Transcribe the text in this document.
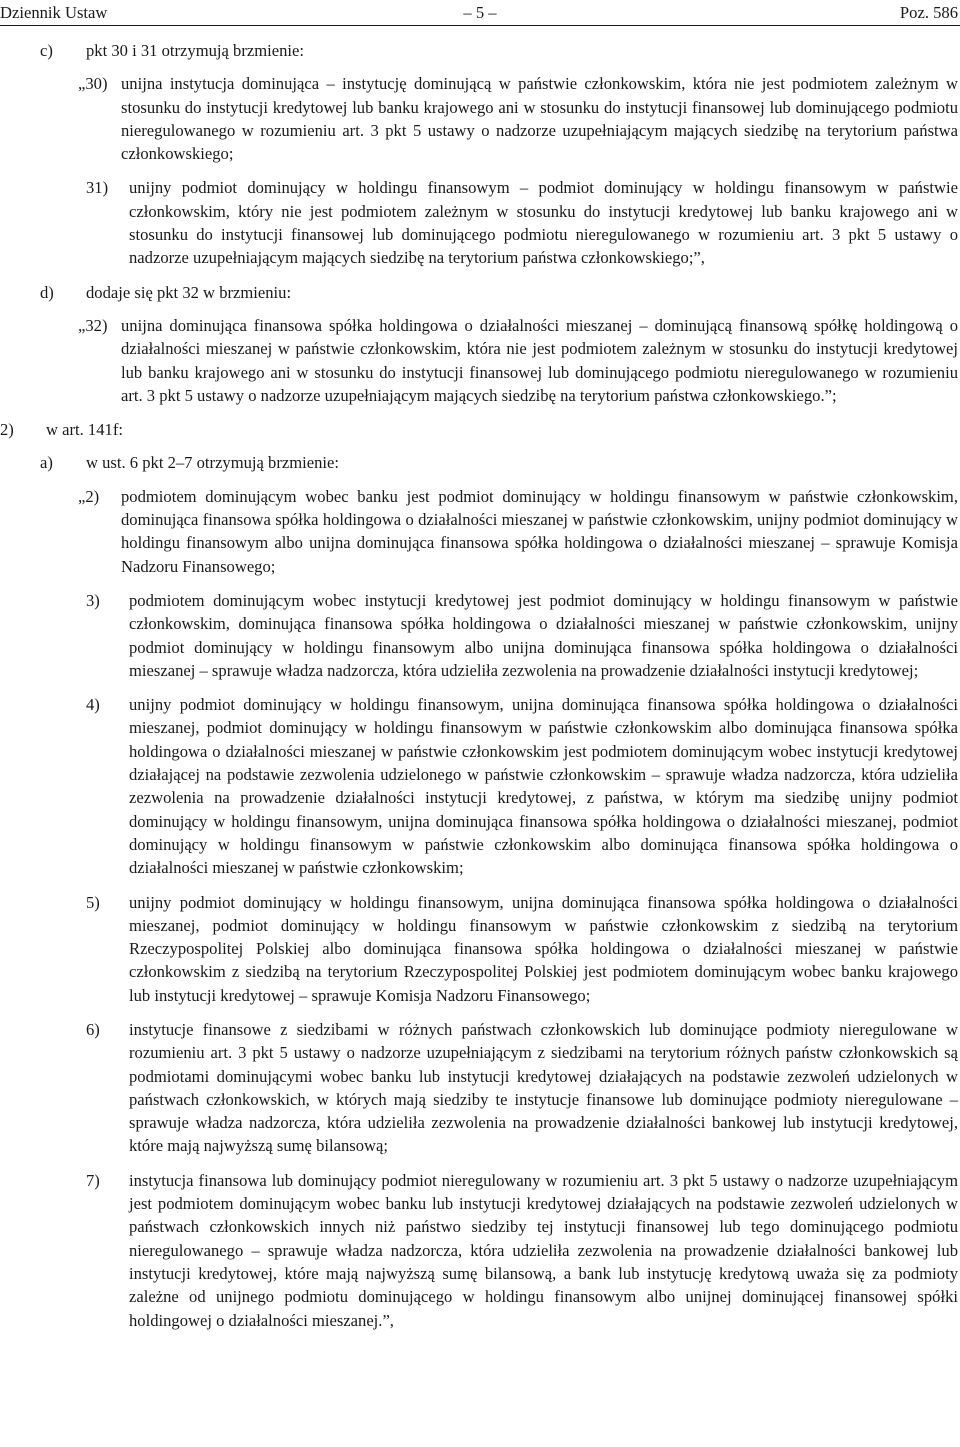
Dziennik Ustaw	– 5 –	Poz. 586
c)	pkt 30 i 31 otrzymują brzmienie:
„30) unijna instytucja dominująca – instytucję dominującą w państwie członkowskim, która nie jest podmiotem zależnym w stosunku do instytucji kredytowej lub banku krajowego ani w stosunku do instytucji finansowej lub dominującego podmiotu nieregulowanego w rozumieniu art. 3 pkt 5 ustawy o nadzorze uzupełniającym mających siedzibę na terytorium państwa członkowskiego;
31)	unijny podmiot dominujący w holdingu finansowym – podmiot dominujący w holdingu finansowym w państwie członkowskim, który nie jest podmiotem zależnym w stosunku do instytucji kredytowej lub banku krajowego ani w stosunku do instytucji finansowej lub dominującego podmiotu nieregulowanego w rozumieniu art. 3 pkt 5 ustawy o nadzorze uzupełniającym mających siedzibę na terytorium państwa członkowskiego;”,
d)	dodaje się pkt 32 w brzmieniu:
„32) unijna dominująca finansowa spółka holdingowa o działalności mieszanej – dominującą finansową spółkę holdingową o działalności mieszanej w państwie członkowskim, która nie jest podmiotem zależnym w stosunku do instytucji kredytowej lub banku krajowego ani w stosunku do instytucji finansowej lub dominującego podmiotu nieregulowanego w rozumieniu art. 3 pkt 5 ustawy o nadzorze uzupełniającym mających siedzibę na terytorium państwa członkowskiego.”;
2)	w art. 141f:
a)	w ust. 6 pkt 2–7 otrzymują brzmienie:
„2)	podmiotem dominującym wobec banku jest podmiot dominujący w holdingu finansowym w państwie członkowskim, dominująca finansowa spółka holdingowa o działalności mieszanej w państwie członkowskim, unijny podmiot dominujący w holdingu finansowym albo unijna dominująca finansowa spółka holdingowa o działalności mieszanej – sprawuje Komisja Nadzoru Finansowego;
3)	podmiotem dominującym wobec instytucji kredytowej jest podmiot dominujący w holdingu finansowym w państwie członkowskim, dominująca finansowa spółka holdingowa o działalności mieszanej w państwie członkowskim, unijny podmiot dominujący w holdingu finansowym albo unijna dominująca finansowa spółka holdingowa o działalności mieszanej – sprawuje władza nadzorcza, która udzieliła zezwolenia na prowadzenie działalności instytucji kredytowej;
4)	unijny podmiot dominujący w holdingu finansowym, unijna dominująca finansowa spółka holdingowa o działalności mieszanej, podmiot dominujący w holdingu finansowym w państwie członkowskim albo dominująca finansowa spółka holdingowa o działalności mieszanej w państwie członkowskim jest podmiotem dominującym wobec instytucji kredytowej działającej na podstawie zezwolenia udzielonego w państwie członkowskim – sprawuje władza nadzorcza, która udzieliła zezwolenia na prowadzenie działalności instytucji kredytowej, z państwa, w którym ma siedzibę unijny podmiot dominujący w holdingu finansowym, unijna dominująca finansowa spółka holdingowa o działalności mieszanej, podmiot dominujący w holdingu finansowym w państwie członkowskim albo dominująca finansowa spółka holdingowa o działalności mieszanej w państwie członkowskim;
5)	unijny podmiot dominujący w holdingu finansowym, unijna dominująca finansowa spółka holdingowa o działalności mieszanej, podmiot dominujący w holdingu finansowym w państwie członkowskim z siedzibą na terytorium Rzeczypospolitej Polskiej albo dominująca finansowa spółka holdingowa o działalności mieszanej w państwie członkowskim z siedzibą na terytorium Rzeczypospolitej Polskiej jest podmiotem dominującym wobec banku krajowego lub instytucji kredytowej – sprawuje Komisja Nadzoru Finansowego;
6)	instytucje finansowe z siedzibami w różnych państwach członkowskich lub dominujące podmioty nieregulowane w rozumieniu art. 3 pkt 5 ustawy o nadzorze uzupełniającym z siedzibami na terytorium różnych państw członkowskich są podmiotami dominującymi wobec banku lub instytucji kredytowej działających na podstawie zezwoleń udzielonych w państwach członkowskich, w których mają siedziby te instytucje finansowe lub dominujące podmioty nieregulowane – sprawuje władza nadzorcza, która udzieliła zezwolenia na prowadzenie działalności bankowej lub instytucji kredytowej, które mają najwyższą sumę bilansową;
7)	instytucja finansowa lub dominujący podmiot nieregulowany w rozumieniu art. 3 pkt 5 ustawy o nadzorze uzupełniającym jest podmiotem dominującym wobec banku lub instytucji kredytowej działających na podstawie zezwoleń udzielonych w państwach członkowskich innych niż państwo siedziby tej instytucji finansowej lub tego dominującego podmiotu nieregulowanego – sprawuje władza nadzorcza, która udzieliła zezwolenia na prowadzenie działalności bankowej lub instytucji kredytowej, które mają najwyższą sumę bilansową, a bank lub instytucję kredytową uważa się za podmioty zależne od unijnego podmiotu dominującego w holdingu finansowym albo unijnej dominującej finansowej spółki holdingowej o działalności mieszanej.”,
